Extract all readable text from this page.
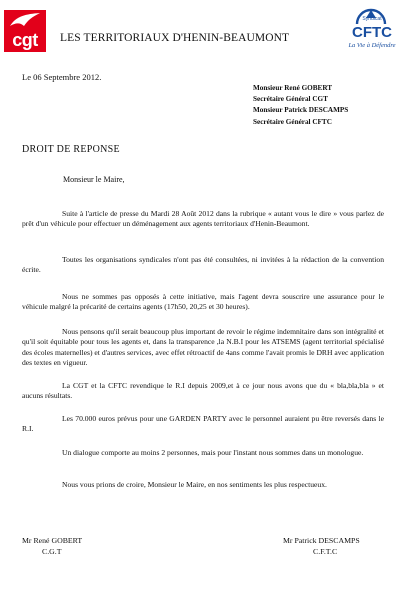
cgt	LES TERRITORIAUX D'HENIN-BEAUMONT
Syndicat
CFTC
La Vie à Défendre
Le 06 Septembre 2012.
Monsieur René GOBERT
Secrétaire Général CGT
Monsieur Patrick DESCAMPS
Secrétaire Général CFTC
DROIT DE REPONSE
Monsieur le Maire,
Suite à l'article de presse du Mardi 28 Août 2012 dans la rubrique « autant vous le dire » vous parlez de prêt d'un véhicule pour effectuer un déménagement aux agents territoriaux d'Henin-Beaumont.
Toutes les organisations syndicales n'ont pas été consultées, ni invitées à la rédaction de la convention écrite.
Nous ne sommes pas opposés à cette initiative, mais l'agent devra souscrire une assurance pour le véhicule malgré la précarité de certains agents (17h50, 20,25 et 30 heures).
Nous pensons qu'il serait beaucoup plus important de revoir le régime indemnitaire dans son intégralité et qu'il soit équitable pour tous les agents et, dans la transparence ,la N.B.I pour les ATSEMS (agent territorial spécialisé des écoles maternelles) et d'autres services, avec effet rétroactif de 4ans comme l'avait promis le DRH avec application des textes en vigueur.
La CGT et la CFTC revendique le R.I depuis 2009,et à ce jour nous avons que du « bla,bla,bla » et aucuns résultats.
Les 70.000 euros prévus pour une GARDEN PARTY avec le personnel auraient pu être reversés dans le R.I.
Un dialogue comporte au moins 2 personnes, mais pour l'instant nous sommes dans un monologue.
Nous vous prions de croire, Monsieur le Maire, en nos sentiments les plus respectueux.
Mr René GOBERT
C.G.T
Mr Patrick DESCAMPS
C.F.T.C
